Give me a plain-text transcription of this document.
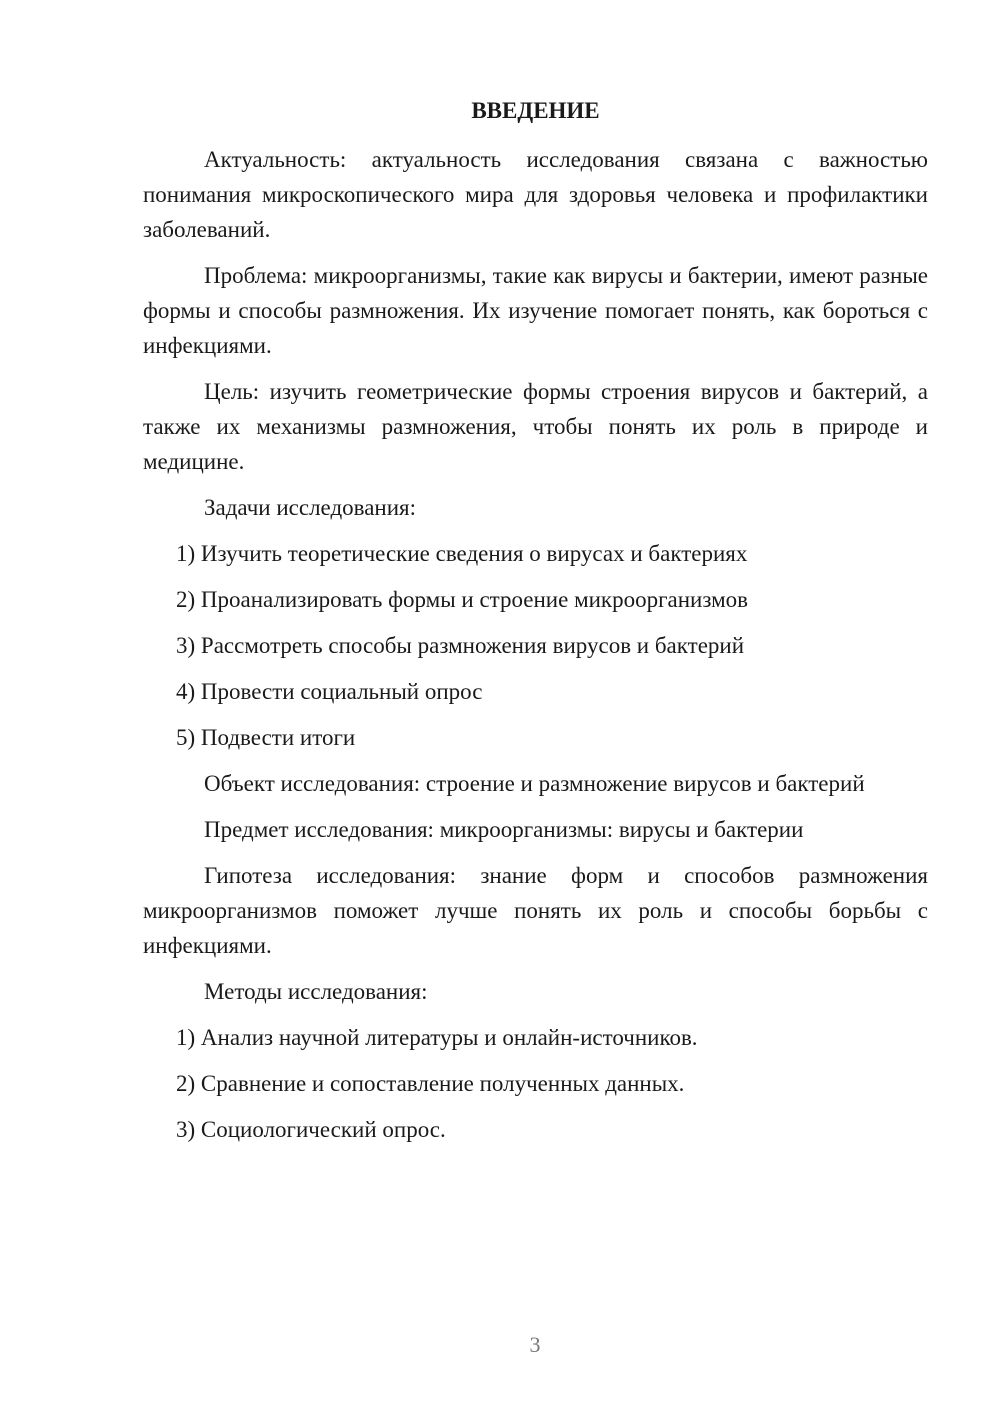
ВВЕДЕНИЕ

Актуальность: актуальность исследования связана с важностью понимания микроскопического мира для здоровья человека и профилактики заболеваний.

Проблема: микроорганизмы, такие как вирусы и бактерии, имеют разные формы и способы размножения. Их изучение помогает понять, как бороться с инфекциями.

Цель: изучить геометрические формы строения вирусов и бактерий, а также их механизмы размножения, чтобы понять их роль в природе и медицине.

Задачи исследования:
1) Изучить теоретические сведения о вирусах и бактериях
2) Проанализировать формы и строение микроорганизмов
3) Рассмотреть способы размножения вирусов и бактерий
4) Провести социальный опрос
5) Подвести итоги
Объект исследования: строение и размножение вирусов и бактерий
Предмет исследования: микроорганизмы: вирусы и бактерии

Гипотеза исследования: знание форм и способов размножения микроорганизмов поможет лучше понять их роль и способы борьбы с инфекциями.

Методы исследования:
1) Анализ научной литературы и онлайн-источников.
2) Сравнение и сопоставление полученных данных.
3) Социологический опрос.
3
